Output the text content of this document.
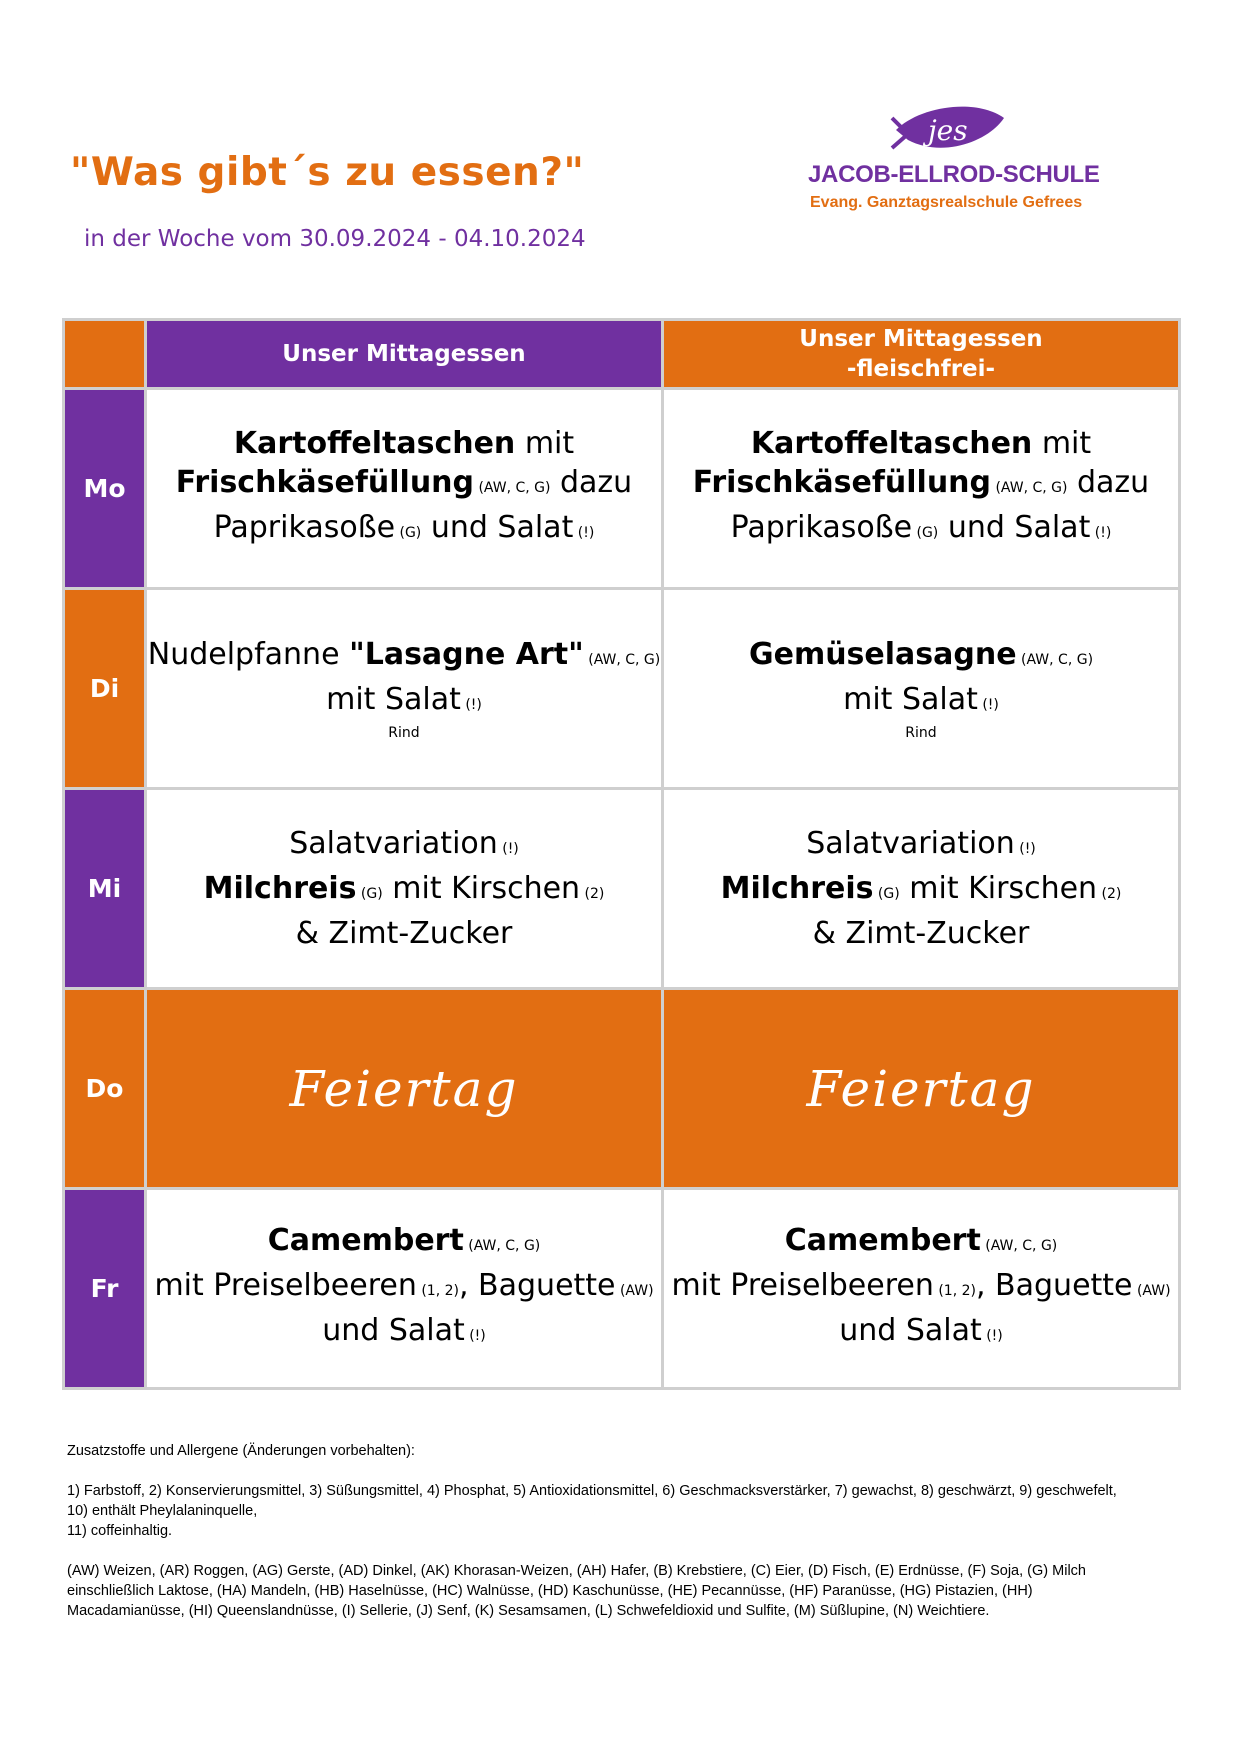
"Was gibt´s zu essen?"
in der Woche vom 30.09.2024 - 04.10.2024
jes
JACOB-ELLROD-SCHULE
Evang. Ganztagsrealschule Gefrees
	Unser Mittagessen	Unser Mittagessen
-fleischfrei-
Mo	Kartoffeltaschen mit
Frischkäsefüllung (AW, C, G) dazu
Paprikasoße (G) und Salat (!)	Kartoffeltaschen mit
Frischkäsefüllung (AW, C, G) dazu
Paprikasoße (G) und Salat (!)
Di	Nudelpfanne "Lasagne Art" (AW, C, G)
mit Salat (!)
Rind	Gemüselasagne (AW, C, G)
mit Salat (!)
Rind

Mi	Salatvariation (!)
Milchreis (G) mit Kirschen (2)
& Zimt-Zucker	Salatvariation (!)
Milchreis (G) mit Kirschen (2)
& Zimt-Zucker
Do	Feiertag	Feiertag
Fr	Camembert (AW, C, G)
mit Preiselbeeren (1, 2), Baguette (AW)
und Salat (!)	Camembert (AW, C, G)
mit Preiselbeeren (1, 2), Baguette (AW)
und Salat (!)

Zusatzstoffe und Allergene (Änderungen vorbehalten):

1) Farbstoff, 2) Konservierungsmittel, 3) Süßungsmittel, 4) Phosphat, 5) Antioxidationsmittel, 6) Geschmacksverstärker, 7) gewachst, 8) geschwärzt, 9) geschwefelt,
10) enthält Pheylalaninquelle,
11) coffeinhaltig.

(AW) Weizen, (AR) Roggen, (AG) Gerste, (AD) Dinkel, (AK) Khorasan-Weizen, (AH) Hafer, (B) Krebstiere, (C) Eier, (D) Fisch, (E) Erdnüsse, (F) Soja, (G) Milch
einschließlich Laktose, (HA) Mandeln, (HB) Haselnüsse, (HC) Walnüsse, (HD) Kaschunüsse, (HE) Pecannüsse, (HF) Paranüsse, (HG) Pistazien, (HH)
Macadamianüsse, (HI) Queenslandnüsse, (I) Sellerie, (J) Senf, (K) Sesamsamen, (L) Schwefeldioxid und Sulfite, (M) Süßlupine, (N) Weichtiere.
